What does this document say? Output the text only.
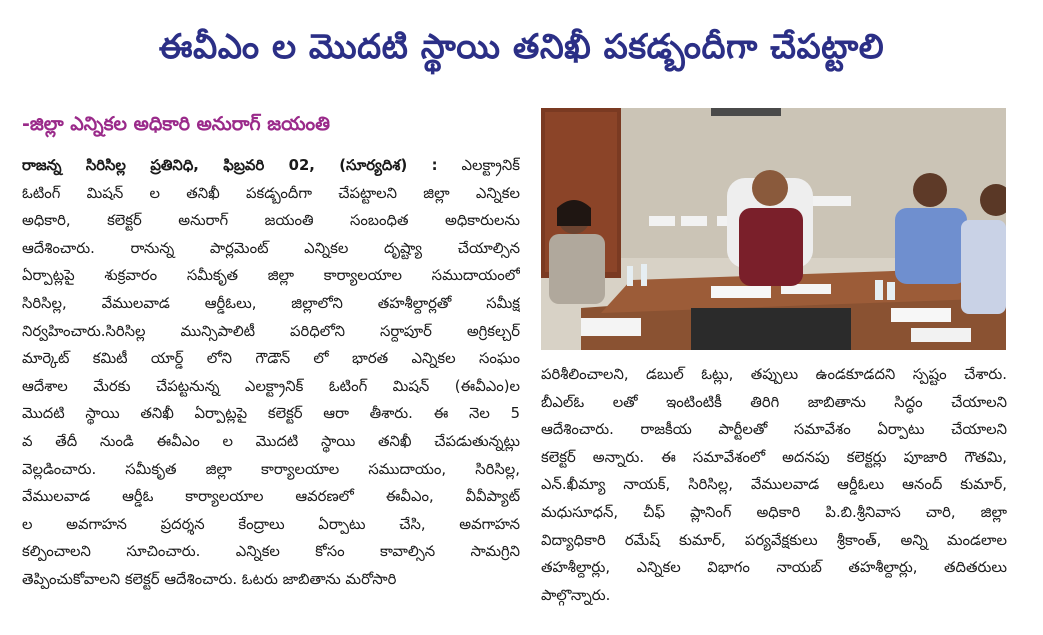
ఈవీఎం ల మొదటి స్థాయి తనిఖీ పకడ్బందీగా చేపట్టాలి
-జిల్లా ఎన్నికల అధికారి అనురాగ్ జయంతి
రాజన్న సిరిసిల్ల ప్రతినిధి, ఫిబ్రవరి 02, (సూర్యదిశ) : ఎలక్ట్రానిక్
ఓటింగ్ మిషన్ ల తనిఖీ పకడ్బందీగా చేపట్టాలని జిల్లా ఎన్నికల
అధికారి, కలెక్టర్ అనురాగ్ జయంతి సంబంధిత అధికారులను
ఆదేశించారు. రానున్న పార్లమెంట్ ఎన్నికల దృష్ట్యా చేయాల్సిన
ఏర్పాట్లపై శుక్రవారం సమీకృత జిల్లా కార్యాలయాల సముదాయంలో
సిరిసిల్ల, వేములవాడ ఆర్డీఓలు, జిల్లాలోని తహశీల్దార్లతో సమీక్ష
నిర్వహించారు.సిరిసిల్ల మున్సిపాలిటీ పరిధిలోని సర్దాపూర్ అగ్రికల్చర్
మార్కెట్ కమిటీ యార్డ్ లోని గౌడౌన్ లో భారత ఎన్నికల సంఘం
ఆదేశాల మేరకు చేపట్టనున్న ఎలక్ట్రానిక్ ఓటింగ్ మిషన్ (ఈవీఎం)ల
మొదటి స్థాయి తనిఖీ ఏర్పాట్లపై కలెక్టర్ ఆరా తీశారు. ఈ నెల 5
వ తేదీ నుండి ఈవీఎం ల మొదటి స్థాయి తనిఖీ చేపడుతున్నట్లు
వెల్లడించారు. సమీకృత జిల్లా కార్యాలయాల సముదాయం, సిరిసిల్ల,
వేములవాడ ఆర్డీఓ కార్యాలయాల ఆవరణలో ఈవీఎం, వీవీప్యాట్
ల అవగాహన ప్రదర్శన కేంద్రాలు ఏర్పాటు చేసి, అవగాహన
కల్పించాలని సూచించారు. ఎన్నికల కోసం కావాల్సిన సామగ్రిని
తెప్పించుకోవాలని కలెక్టర్ ఆదేశించారు. ఓటరు జాబితాను మరోసారి
పరిశీలించాలని, డబుల్ ఓట్లు, తప్పులు ఉండకూడదని స్పష్టం చేశారు.
బీఎల్ఓ లతో ఇంటింటికీ తిరిగి జాబితాను సిద్ధం చేయాలని
ఆదేశించారు. రాజకీయ పార్టీలతో సమావేశం ఏర్పాటు చేయాలని
కలెక్టర్ అన్నారు. ఈ సమావేశంలో అదనపు కలెక్టర్లు పూజారి గౌతమి,
ఎన్.ఖీమ్యా నాయక్, సిరిసిల్ల, వేములవాడ ఆర్డీఓలు ఆనంద్ కుమార్,
మధుసూధన్, చీఫ్ ప్లానింగ్ అధికారి పి.బి.శ్రీనివాస చారి, జిల్లా
విద్యాధికారి రమేష్ కుమార్, పర్యవేక్షకులు శ్రీకాంత్, అన్ని మండలాల
తహశీల్దార్లు, ఎన్నికల విభాగం నాయబ్ తహశీల్దార్లు, తదితరులు
పాల్గొన్నారు.
